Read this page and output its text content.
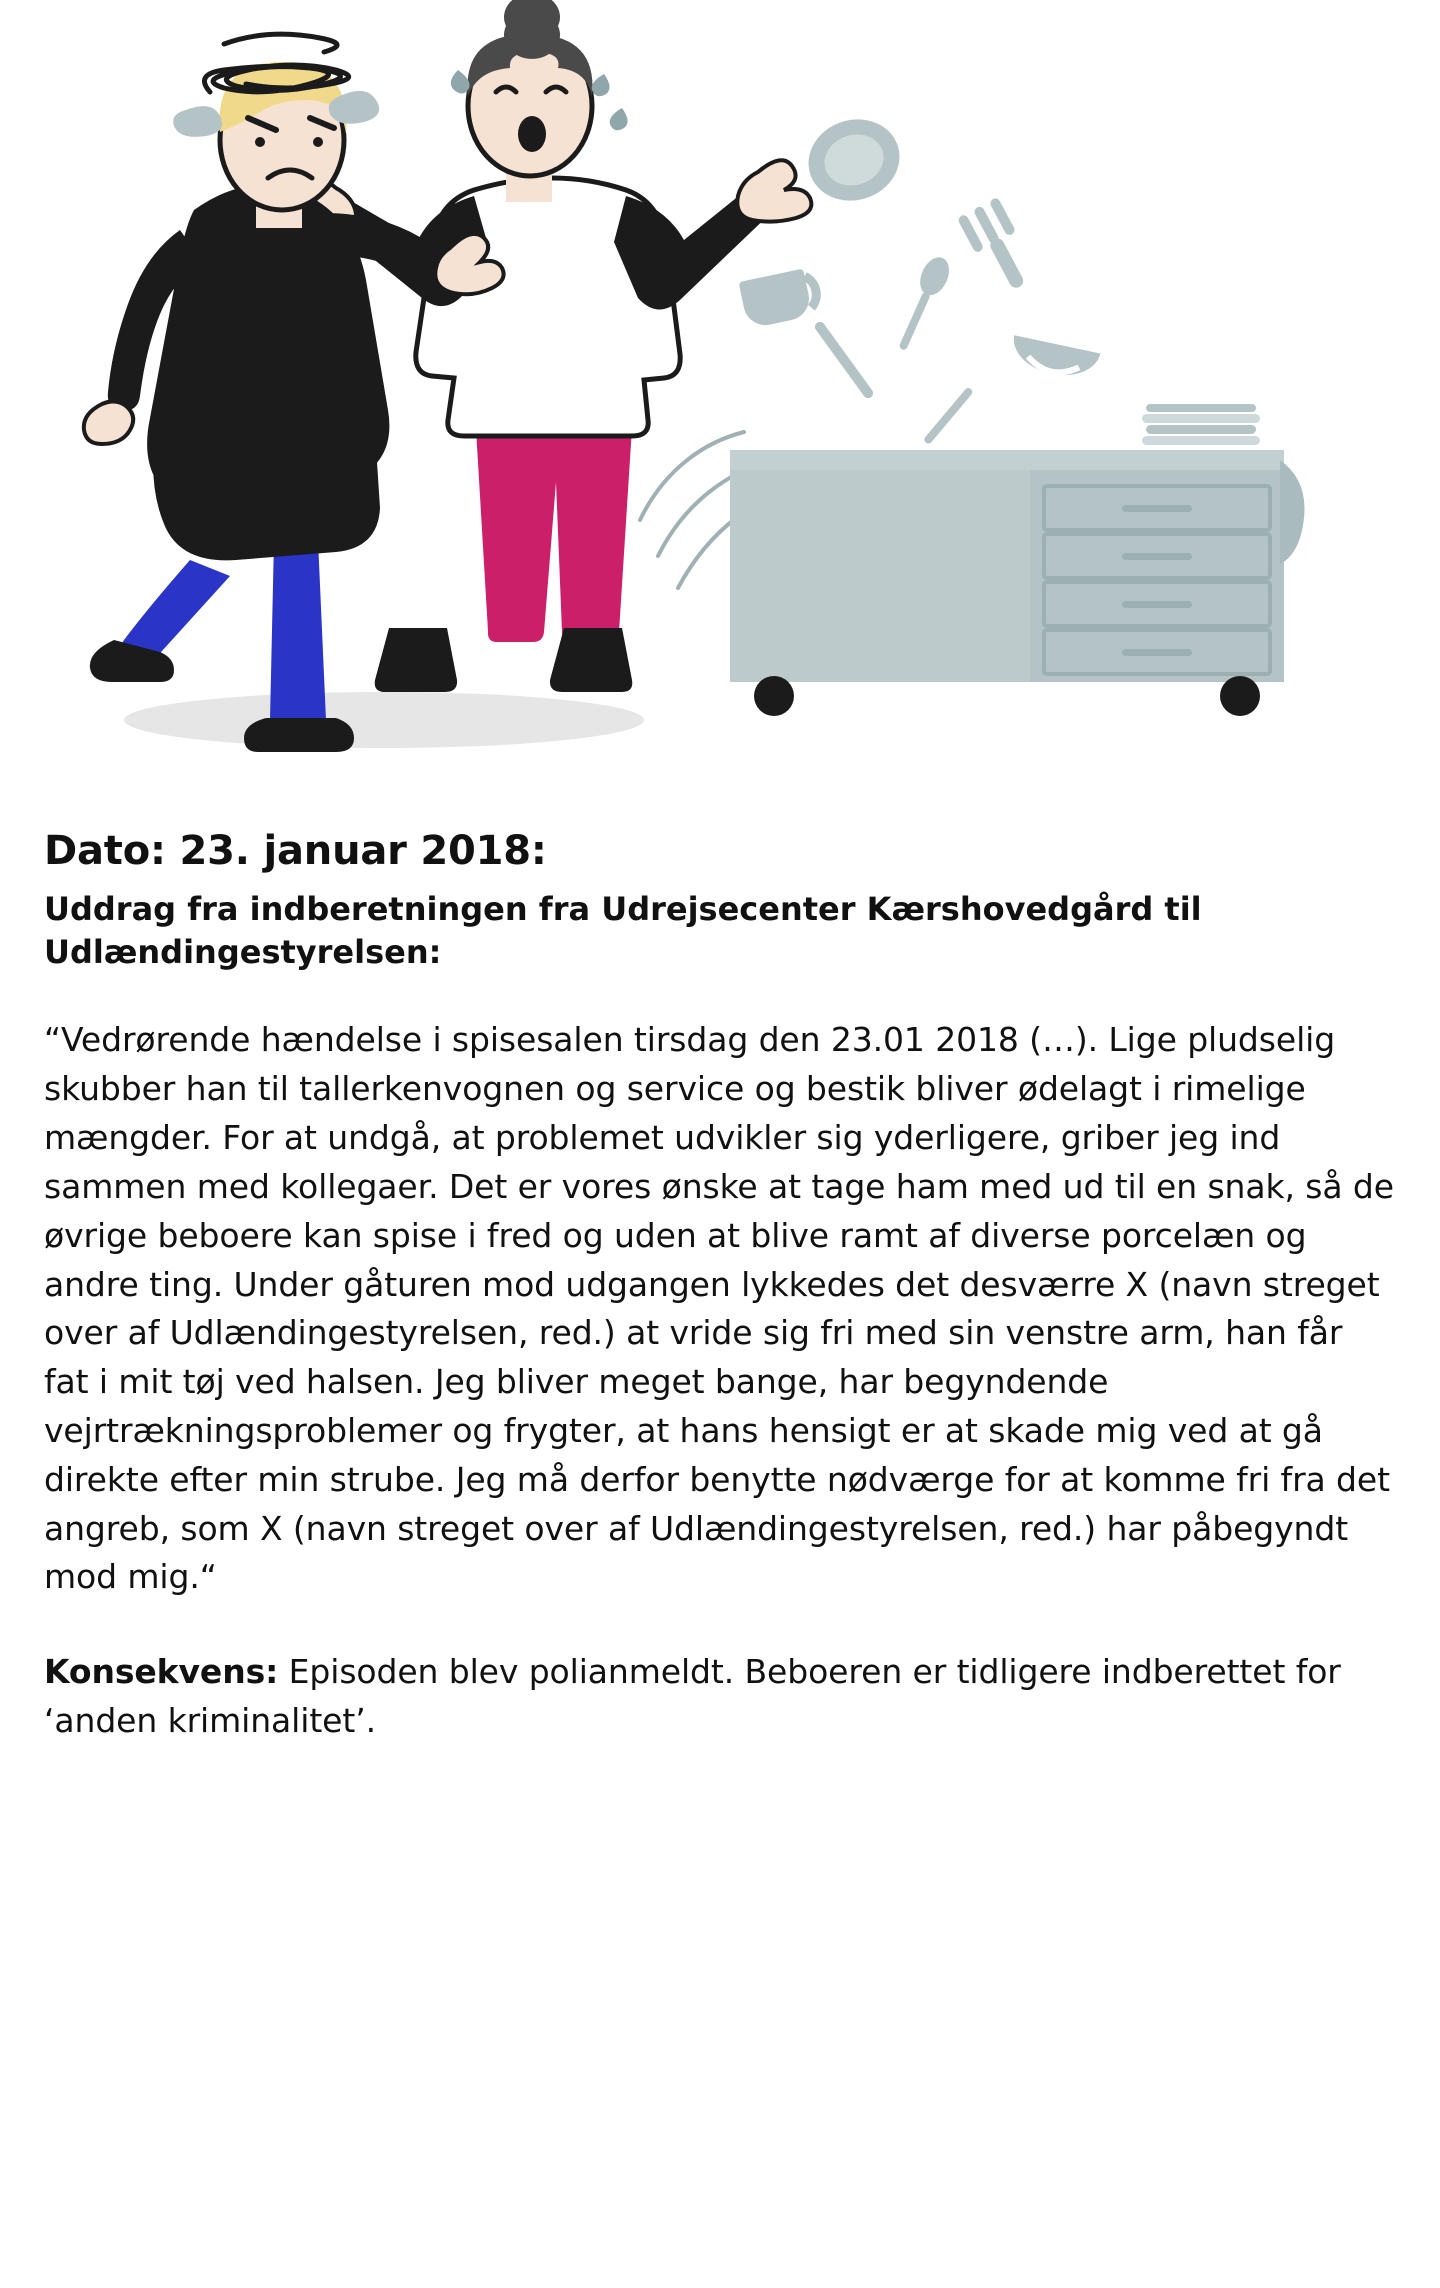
Dato: 23. januar 2018:
Uddrag fra indberetningen fra Udrejsecenter Kærshovedgård til Udlændingestyrelsen:

“Vedrørende hændelse i spisesalen tirsdag den 23.01 2018 (…). Lige pludselig skubber han til tallerkenvognen og service og bestik bliver ødelagt i rimelige mængder. For at undgå, at problemet udvikler sig yderligere, griber jeg ind sammen med kollegaer. Det er vores ønske at tage ham med ud til en snak, så de øvrige beboere kan spise i fred og uden at blive ramt af diverse porcelæn og andre ting. Under gåturen mod udgangen lykkedes det desværre X (navn streget over af Udlændingestyrelsen, red.) at vride sig fri med sin venstre arm, han får fat i mit tøj ved halsen. Jeg bliver meget bange, har begyndende vejrtrækningsproblemer og frygter, at hans hensigt er at skade mig ved at gå direkte efter min strube. Jeg må derfor benytte nødværge for at komme fri fra det angreb, som X (navn streget over af Udlændingestyrelsen, red.) har påbegyndt mod mig.“

Konsekvens: Episoden blev polianmeldt. Beboeren er tidligere indberettet for ‘anden kriminalitet’.
